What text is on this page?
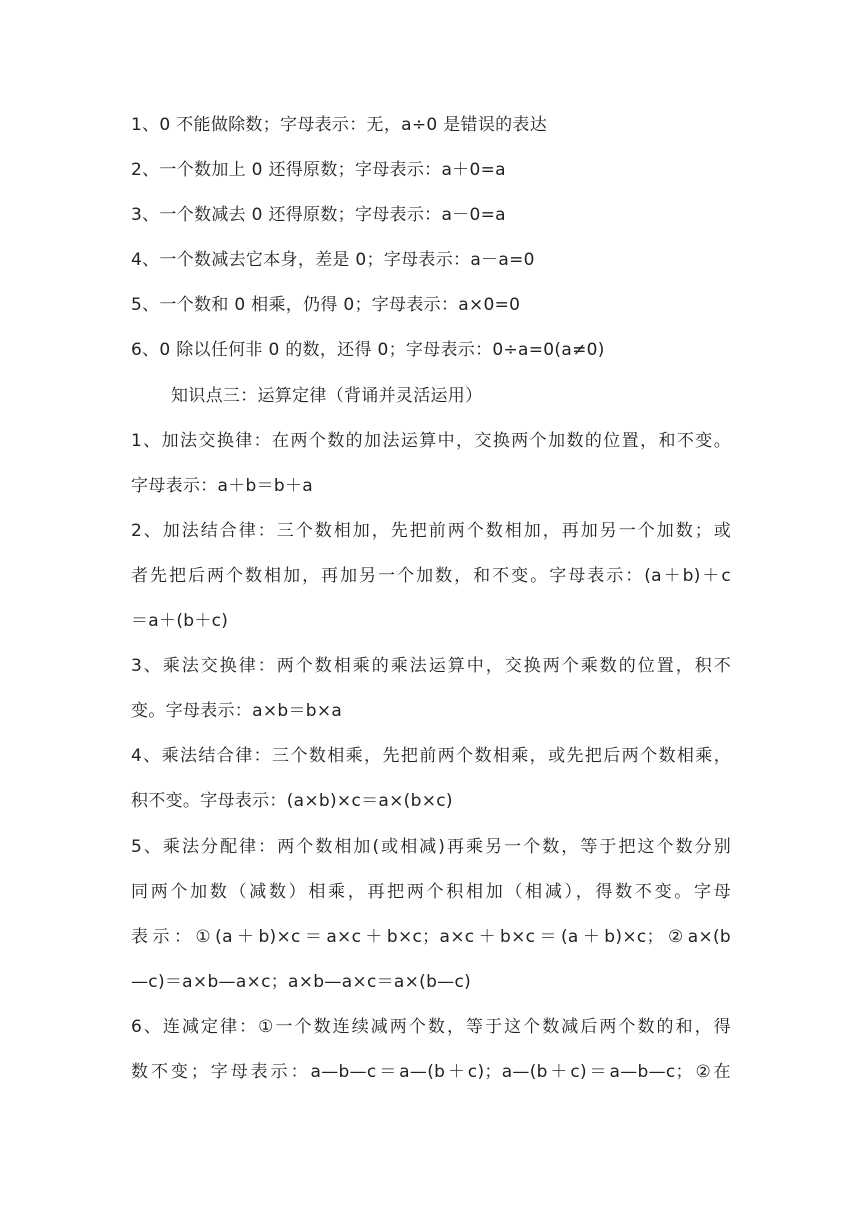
1、0 不能做除数；字母表示：无，a÷0 是错误的表达
2、一个数加上 0 还得原数；字母表示：a＋0=a
3、一个数减去 0 还得原数；字母表示：a－0=a
4、一个数减去它本身，差是 0；字母表示：a－a=0
5、一个数和 0 相乘，仍得 0；字母表示：a×0=0
6、0 除以任何非 0 的数，还得 0；字母表示：0÷a=0(a≠0)
知识点三：运算定律（背诵并灵活运用）
1、加法交换律：在两个数的加法运算中，交换两个加数的位置，和不变。
字母表示：a＋b＝b＋a
2、加法结合律：三个数相加，先把前两个数相加，再加另一个加数；或
者先把后两个数相加，再加另一个加数，和不变。字母表示：(a＋b)＋c
＝a＋(b＋c)
3、乘法交换律：两个数相乘的乘法运算中，交换两个乘数的位置，积不
变。字母表示：a×b＝b×a
4、乘法结合律：三个数相乘，先把前两个数相乘，或先把后两个数相乘，
积不变。字母表示：(a×b)×c＝a×(b×c)
5、乘法分配律：两个数相加(或相减)再乘另一个数，等于把这个数分别
同两个加数（减数）相乘，再把两个积相加（相减），得数不变。字母
表示：①(a＋b)×c＝a×c＋b×c；a×c＋b×c＝(a＋b)×c；②a×(b
—c)＝a×b—a×c；a×b—a×c＝a×(b—c)
6、连减定律：①一个数连续减两个数，等于这个数减后两个数的和，得
数不变；字母表示：a—b—c＝a—(b＋c)；a—(b＋c)＝a—b—c；②在
